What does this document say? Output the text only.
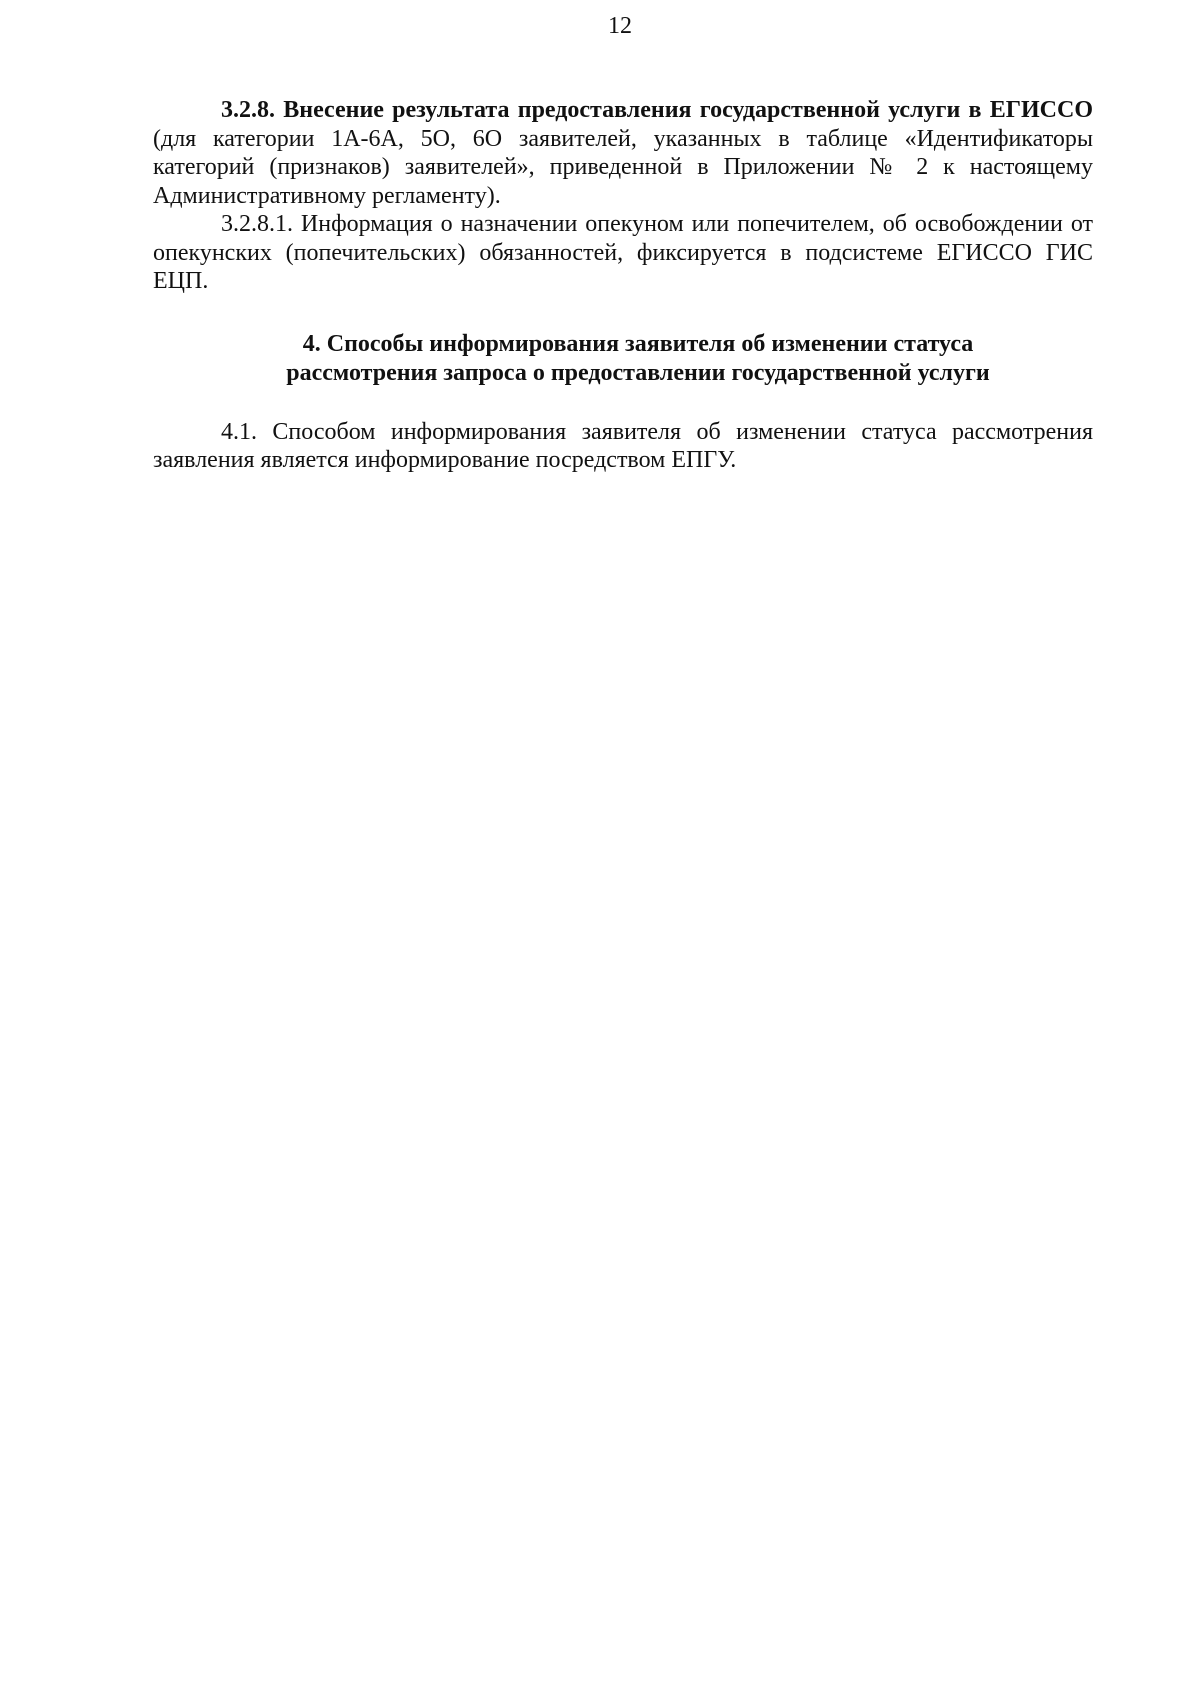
12

3.2.8. Внесение результата предоставления государственной услуги в ЕГИССО (для категории 1А-6А, 5О, 6О заявителей, указанных в таблице «Идентификаторы категорий (признаков) заявителей», приведенной в Приложении № 2 к настоящему Административному регламенту).

3.2.8.1. Информация о назначении опекуном или попечителем, об освобождении от опекунских (попечительских) обязанностей, фиксируется в подсистеме ЕГИССО ГИС ЕЦП.

4. Способы информирования заявителя об изменении статуса
рассмотрения запроса о предоставлении государственной услуги

4.1. Способом информирования заявителя об изменении статуса рассмотрения заявления является информирование посредством ЕПГУ.
